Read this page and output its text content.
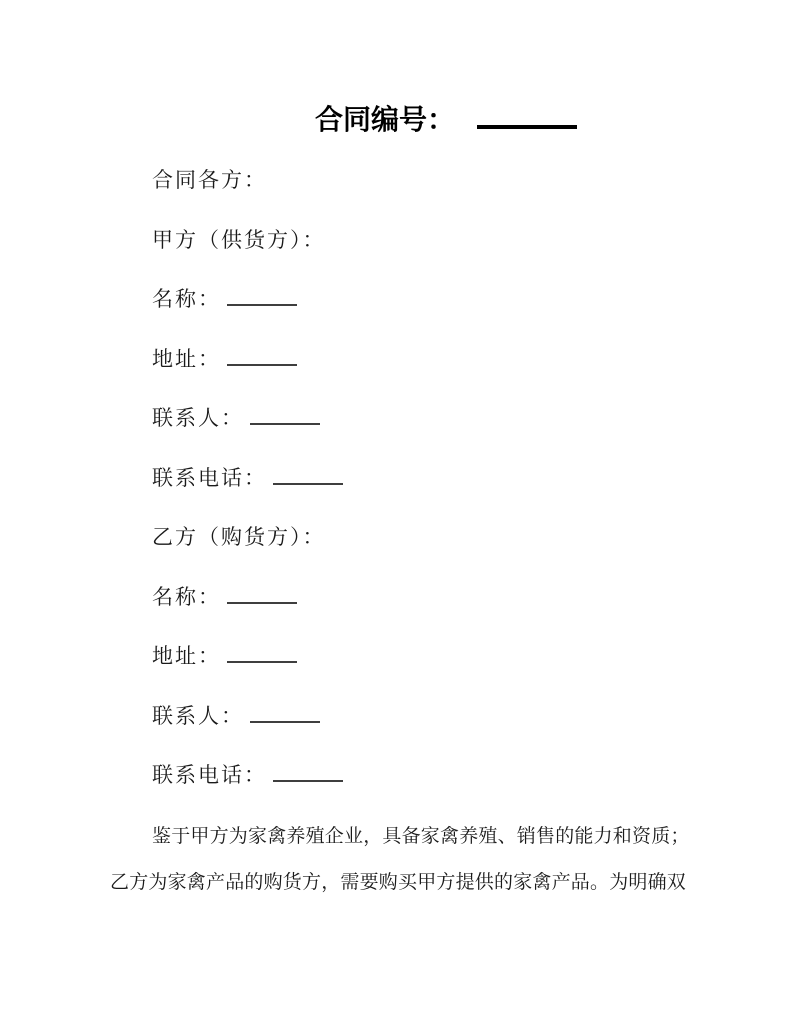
合同编号：
合同各方：
甲方（供货方）：
名称：
地址：
联系人：
联系电话：
乙方（购货方）：
名称：
地址：
联系人：
联系电话：
鉴于甲方为家禽养殖企业，具备家禽养殖、销售的能力和资质；
乙方为家禽产品的购货方，需要购买甲方提供的家禽产品。为明确双
